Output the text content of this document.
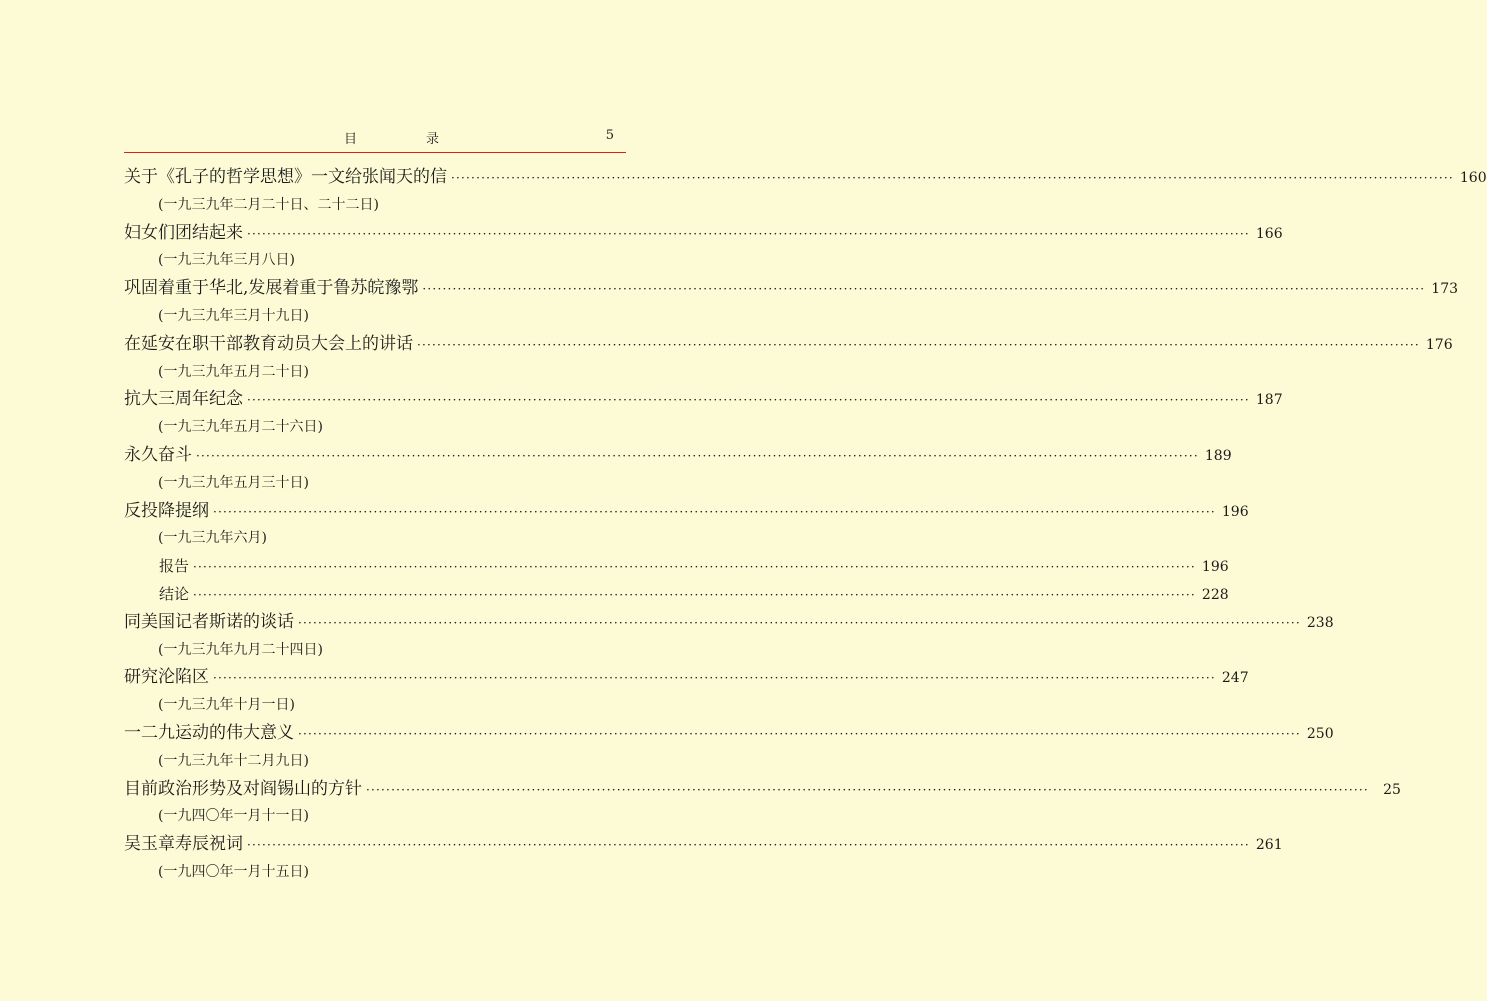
目　录	5
关于《孔子的哲学思想》一文给张闻天的信 ········································································································································································································ 160
(一九三九年二月二十日、二十二日)
妇女们团结起来 ········································································································································································································ 166
(一九三九年三月八日)
巩固着重于华北,发展着重于鲁苏皖豫鄂 ········································································································································································································ 173
(一九三九年三月十九日)
在延安在职干部教育动员大会上的讲话 ········································································································································································································ 176
(一九三九年五月二十日)
抗大三周年纪念 ········································································································································································································ 187
(一九三九年五月二十六日)
永久奋斗 ········································································································································································································ 189
(一九三九年五月三十日)
反投降提纲 ········································································································································································································ 196
(一九三九年六月)
报告 ········································································································································································································ 196
结论 ········································································································································································································ 228
同美国记者斯诺的谈话 ········································································································································································································ 238
(一九三九年九月二十四日)
研究沦陷区 ········································································································································································································ 247
(一九三九年十月一日)
一二九运动的伟大意义 ········································································································································································································ 250
(一九三九年十二月九日)
目前政治形势及对阎锡山的方针 ········································································································································································································	25
(一九四〇年一月十一日)
吴玉章寿辰祝词 ········································································································································································································ 261
(一九四〇年一月十五日)
